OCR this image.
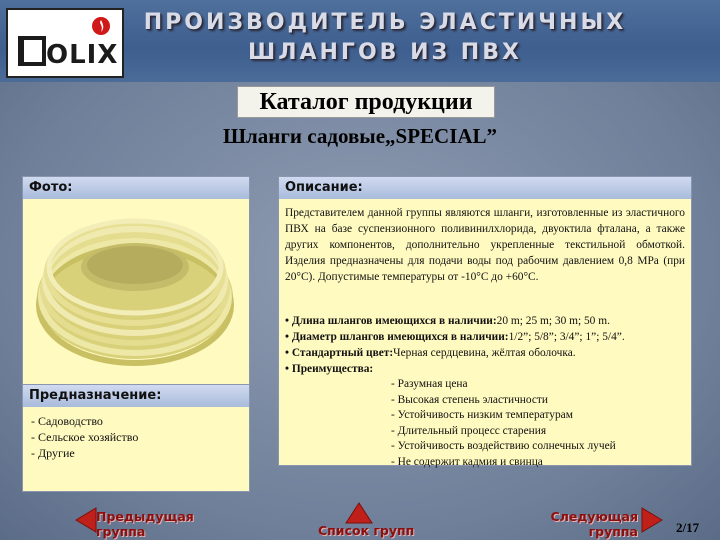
OLIX
ПРОИЗВОДИТЕЛЬ ЭЛАСТИЧНЫХ
ШЛАНГОВ ИЗ ПВХ
Каталог продукции
Шланги садовые„SPECIAL”
Фото:
Предназначение:
- Садоводство
- Сельское хозяйство
- Другие
Описание:
Представителем данной группы являются шланги, изготовленные из эластичного ПВХ на базе суспензионного поливинилхлорида, двуоктила фталана, а также других компонентов, дополнительно укрепленные текстильной обмоткой. Изделия предназначены для подачи воды под рабочим давлением 0,8 MPa (при 20°C). Допустимые температуры от -10°C до +60°C.
• Длина шлангов имеющихся в наличии:20 m; 25 m; 30 m; 50 m.
• Диаметр шлангов имеющихся в наличии:1/2”; 5/8”; 3/4”; 1”; 5/4”.
• Стандартный цвет:Черная сердцевина, жёлтая оболочка.
• Преимущества:
- Разумная цена
- Высокая степень эластичности
- Устойчивость низким температурам
- Длительный процесс старения
- Устойчивость воздействию солнечных лучей
- Не содержит кадмия и свинца
Предыдущая
группа	Список групп
Следующая
группа	2/17
